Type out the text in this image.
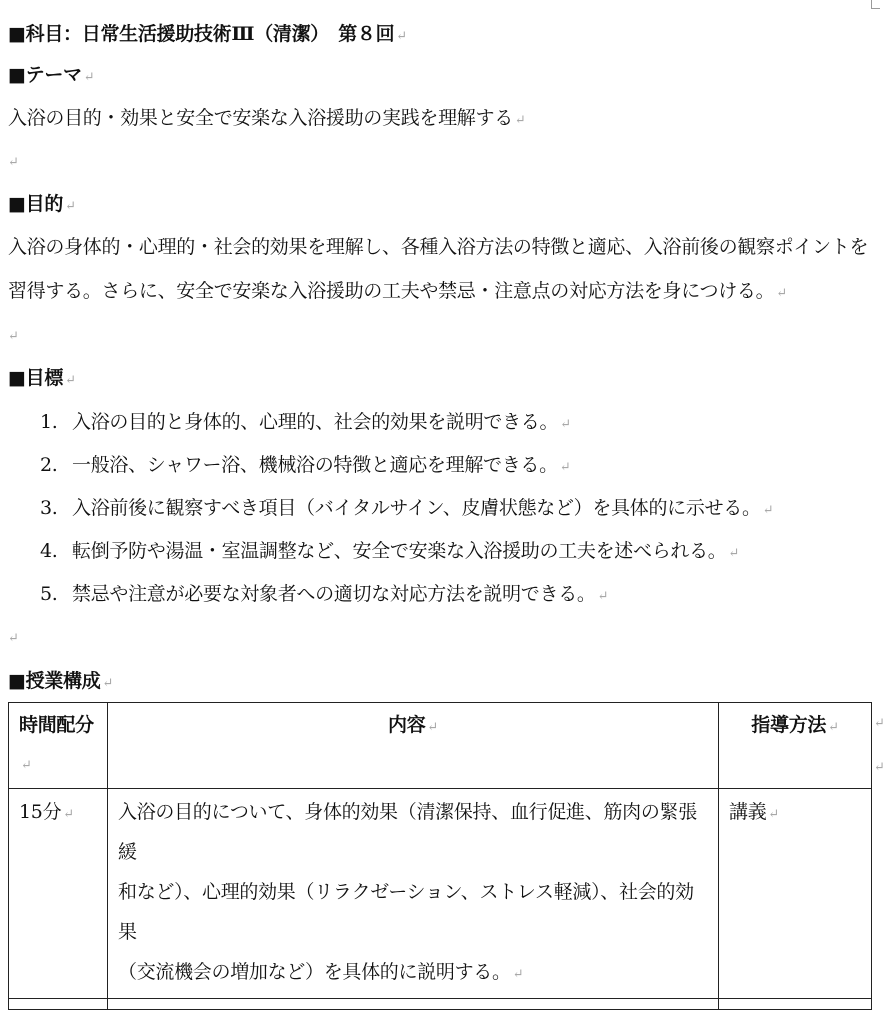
■科目：日常生活援助技術Ⅲ（清潔）　第８回 ↵
■テーマ ↵
入浴の目的・効果と安全で安楽な入浴援助の実践を理解する ↵
↵
■目的 ↵
入浴の身体的・心理的・社会的効果を理解し、各種入浴方法の特徴と適応、入浴前後の観察ポイントを
習得する。さらに、安全で安楽な入浴援助の工夫や禁忌・注意点の対応方法を身につける。 ↵
↵
■目標 ↵
1. 入浴の目的と身体的、心理的、社会的効果を説明できる。 ↵
2. 一般浴、シャワー浴、機械浴の特徴と適応を理解できる。 ↵
3. 入浴前後に観察すべき項目（バイタルサイン、皮膚状態など）を具体的に示せる。 ↵
4. 転倒予防や湯温・室温調整など、安全で安楽な入浴援助の工夫を述べられる。 ↵
5. 禁忌や注意が必要な対象者への適切な対応方法を説明できる。 ↵
↵
■授業構成 ↵
時間配分↵	内容 ↵	指導方法 ↵
15分 ↵	入浴の目的について、身体的効果（清潔保持、血行促進、筋肉の緊張緩
和など）、心理的効果（リラクゼーション、ストレス軽減）、社会的効果
（交流機会の増加など）を具体的に説明する。 ↵	講義 ↵

↵
↵
